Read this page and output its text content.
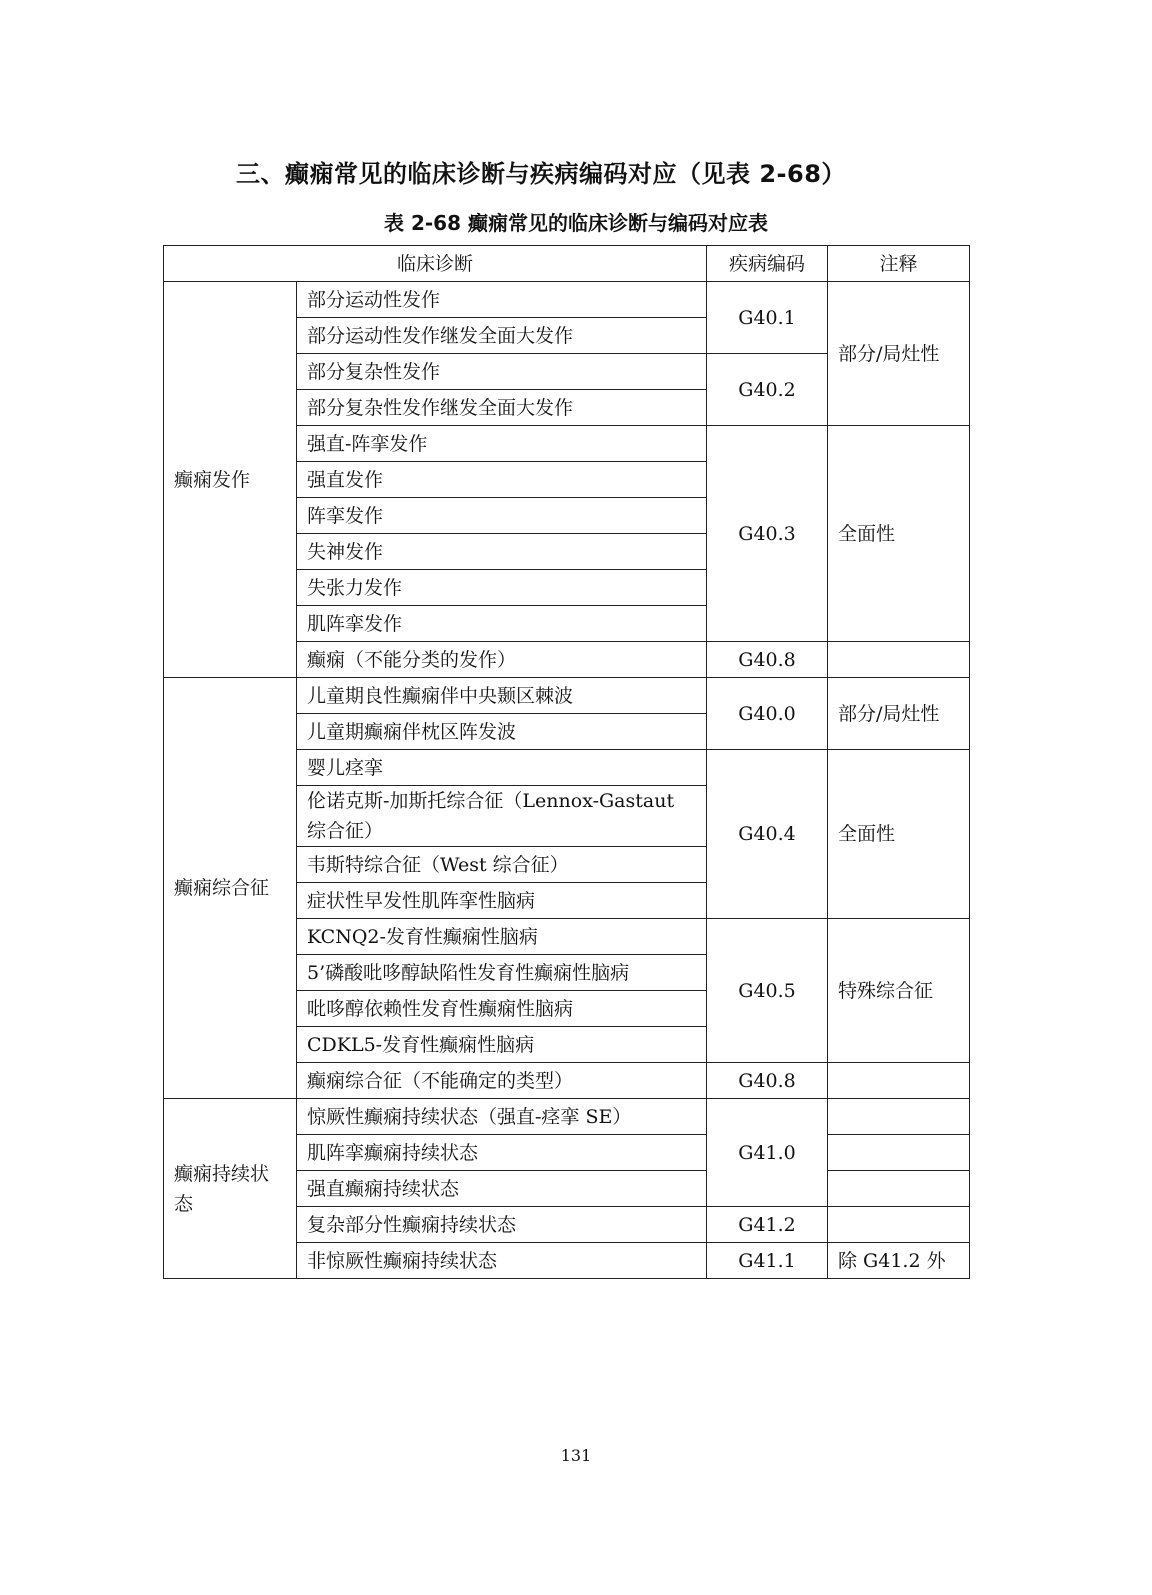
三、癫痫常见的临床诊断与疾病编码对应（见表 2-68）
表 2-68 癫痫常见的临床诊断与编码对应表
临床诊断		疾病编码	注释
癫痫发作	部分运动性发作	G40.1	部分/局灶性
	部分运动性发作继发全面大发作		
	部分复杂性发作	G40.2	
	部分复杂性发作继发全面大发作		
	强直-阵挛发作	G40.3	全面性
	强直发作		
	阵挛发作		
	失神发作		
	失张力发作		
	肌阵挛发作		
	癫痫（不能分类的发作）	G40.8	
癫痫综合征	儿童期良性癫痫伴中央颞区棘波	G40.0	部分/局灶性
	儿童期癫痫伴枕区阵发波		
	婴儿痉挛	G40.4	全面性
	伦诺克斯-加斯托综合征（Lennox-Gastaut 综合征）		
	韦斯特综合征（West 综合征）		
	症状性早发性肌阵挛性脑病		
	KCNQ2-发育性癫痫性脑病	G40.5	特殊综合征
	5’磷酸吡哆醇缺陷性发育性癫痫性脑病		
	吡哆醇依赖性发育性癫痫性脑病		
	CDKL5-发育性癫痫性脑病		
	癫痫综合征（不能确定的类型）	G40.8	
癫痫持续状态	惊厥性癫痫持续状态（强直-痉挛 SE）	G41.0	
	肌阵挛癫痫持续状态		
	强直癫痫持续状态		
	复杂部分性癫痫持续状态	G41.2	
	非惊厥性癫痫持续状态	G41.1	除 G41.2 外
131
